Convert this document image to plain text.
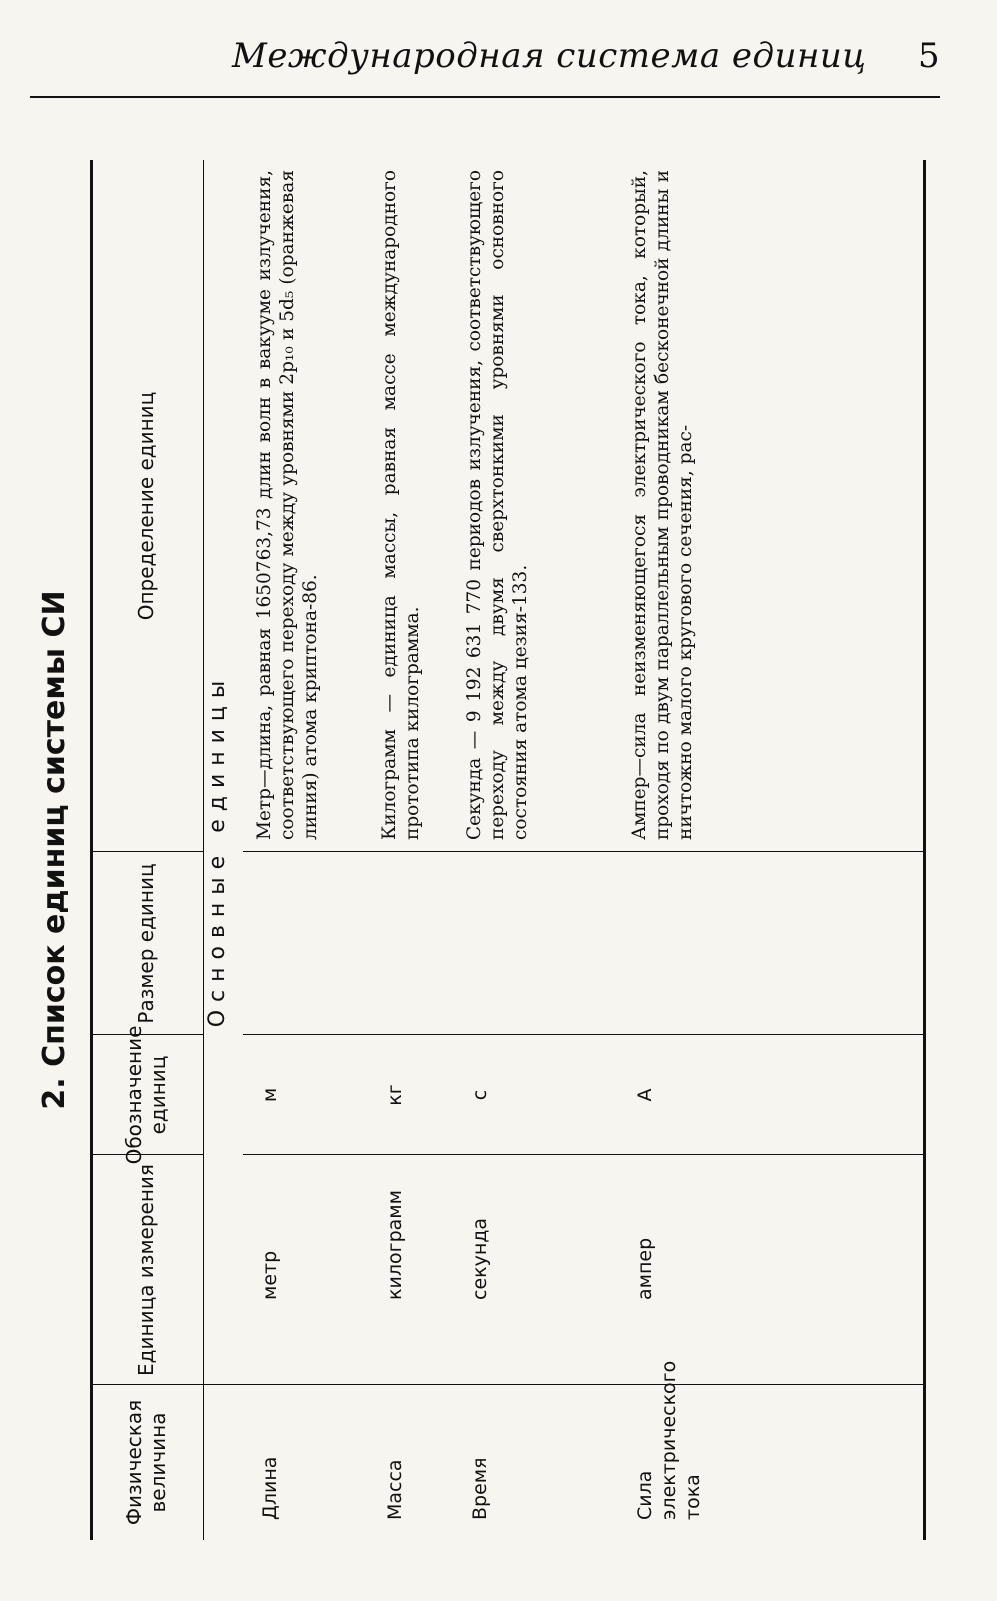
Международная система единиц 5
2. Список единиц системы СИ
Физическая величина
Единица измерения
Обозначение единиц
Размер единиц
Определение единиц
Основные единицы
Длина
метр
м
Метр—длина, равная 1650763,73 длин волн в вакууме излучения, соответствующего переходу между уровнями 2p₁₀ и 5d₅ (оранжевая линия) атома криптона-86.
Масса
килограмм
кг
Килограмм — единица массы, равная массе международного прототипа килограмма.
Время
секунда
с
Секунда — 9 192 631 770 периодов излучения, соответствующего переходу между двумя сверхтонкими уровнями основного состояния атома цезия-133.
Сила электрического тока
ампер
А
Ампер—сила неизменяющегося электрического тока, который, проходя по двум параллельным проводникам бесконечной длины и ничтожно малого кругового сечения, рас-
